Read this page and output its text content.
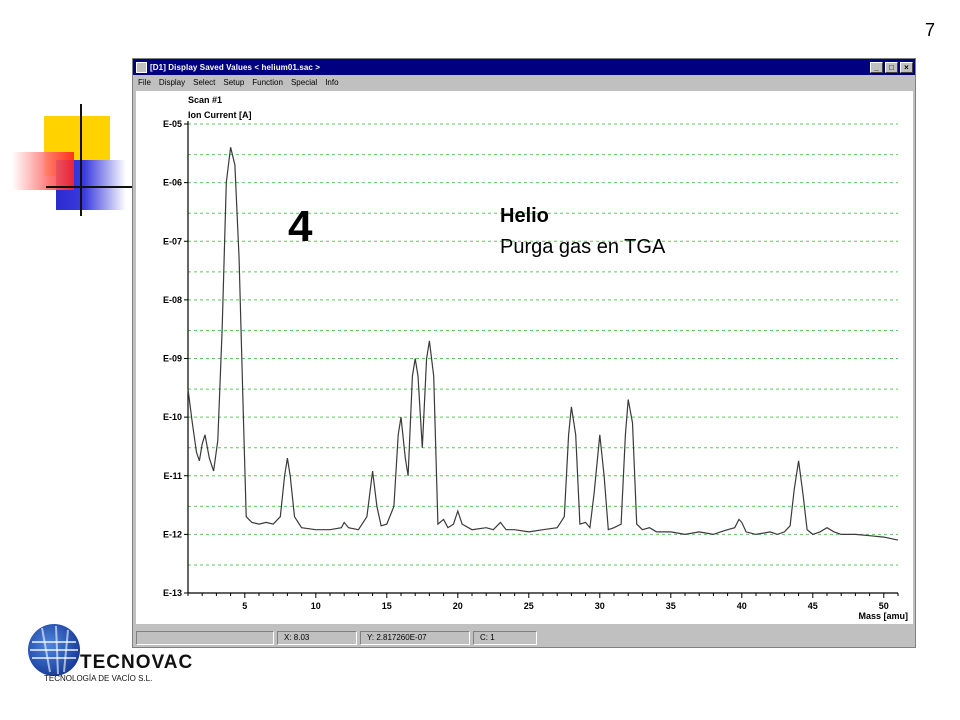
7
[D1] Display Saved Values < helium01.sac >	_	□	×
File Display Select Setup Function Special Info
E-05
E-06
E-07
E-08
E-09
E-10
E-11
E-12
E-13
5	10	15	20	25	30	35	40	45	50
Scan #1
Ion Current [A]
Mass [amu]
4	Helio
Purga gas en TGA
X: 8.03	Y: 2.817260E-07	C: 1
TECNOVAC
TECNOLOGÍA DE VACÍO S.L.
